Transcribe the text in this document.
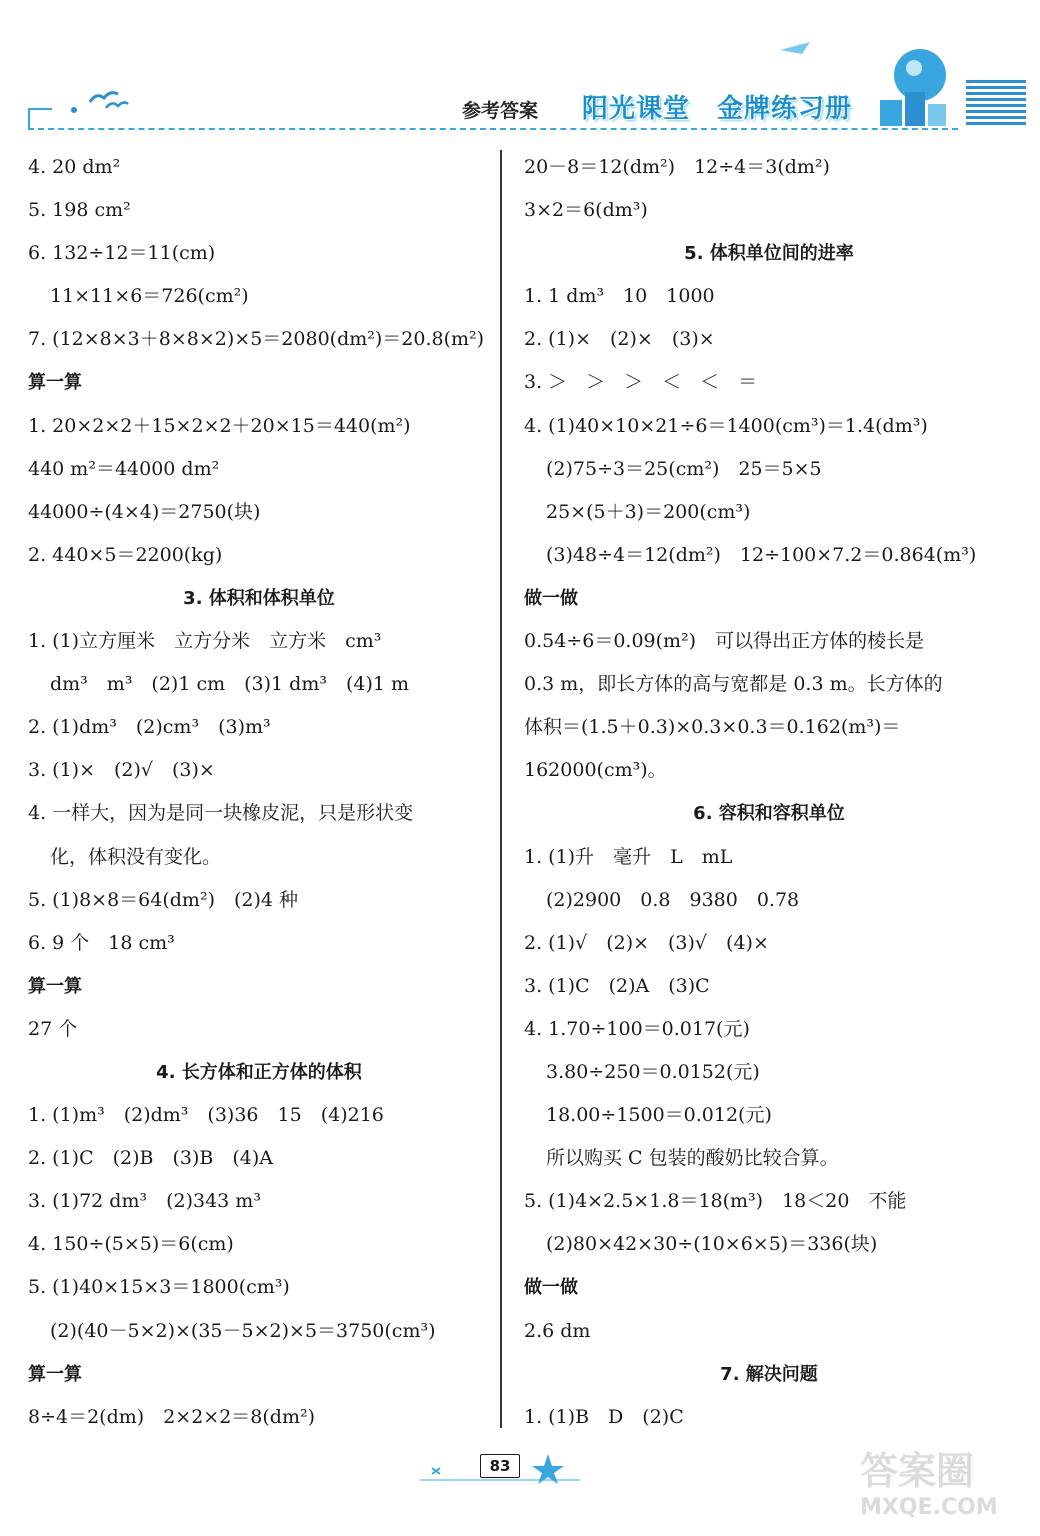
参考答案 阳光课堂　金牌练习册
4. 20 dm²
5. 198 cm²
6. 132÷12＝11(cm)
11×11×6＝726(cm²)
7. (12×8×3＋8×8×2)×5＝2080(dm²)＝20.8(m²)
算一算
1. 20×2×2＋15×2×2＋20×15＝440(m²)
440 m²＝44000 dm²
44000÷(4×4)＝2750(块)
2. 440×5＝2200(kg)
3. 体积和体积单位
1. (1)立方厘米　立方分米　立方米　cm³
dm³　m³　(2)1 cm　(3)1 dm³　(4)1 m
2. (1)dm³　(2)cm³　(3)m³
3. (1)×　(2)√　(3)×
4. 一样大，因为是同一块橡皮泥，只是形状变
化，体积没有变化。
5. (1)8×8＝64(dm²)　(2)4 种
6. 9 个　18 cm³
算一算
27 个
4. 长方体和正方体的体积
1. (1)m³　(2)dm³　(3)36　15　(4)216
2. (1)C　(2)B　(3)B　(4)A
3. (1)72 dm³　(2)343 m³
4. 150÷(5×5)＝6(cm)
5. (1)40×15×3＝1800(cm³)
(2)(40－5×2)×(35－5×2)×5＝3750(cm³)
算一算
8÷4＝2(dm)　2×2×2＝8(dm²)
20－8＝12(dm²)　12÷4＝3(dm²)
3×2＝6(dm³)
5. 体积单位间的进率
1. 1 dm³　10　1000
2. (1)×　(2)×　(3)×
3. ＞　＞　＞　＜　＜　＝
4. (1)40×10×21÷6＝1400(cm³)＝1.4(dm³)
(2)75÷3＝25(cm²)　25＝5×5
25×(5＋3)＝200(cm³)
(3)48÷4＝12(dm²)　12÷100×7.2＝0.864(m³)
做一做
0.54÷6＝0.09(m²)　可以得出正方体的棱长是
0.3 m，即长方体的高与宽都是 0.3 m。长方体的
体积＝(1.5＋0.3)×0.3×0.3＝0.162(m³)＝
162000(cm³)。
6. 容积和容积单位
1. (1)升　毫升　L　mL
(2)2900　0.8　9380　0.78
2. (1)√　(2)×　(3)√　(4)×
3. (1)C　(2)A　(3)C
4. 1.70÷100＝0.017(元)
3.80÷250＝0.0152(元)
18.00÷1500＝0.012(元)
所以购买 C 包装的酸奶比较合算。
5. (1)4×2.5×1.8＝18(m³)　18＜20　不能
(2)80×42×30÷(10×6×5)＝336(块)
做一做
2.6 dm
7. 解决问题
1. (1)B　D　(2)C
83	答案圈
MXQE.COM
